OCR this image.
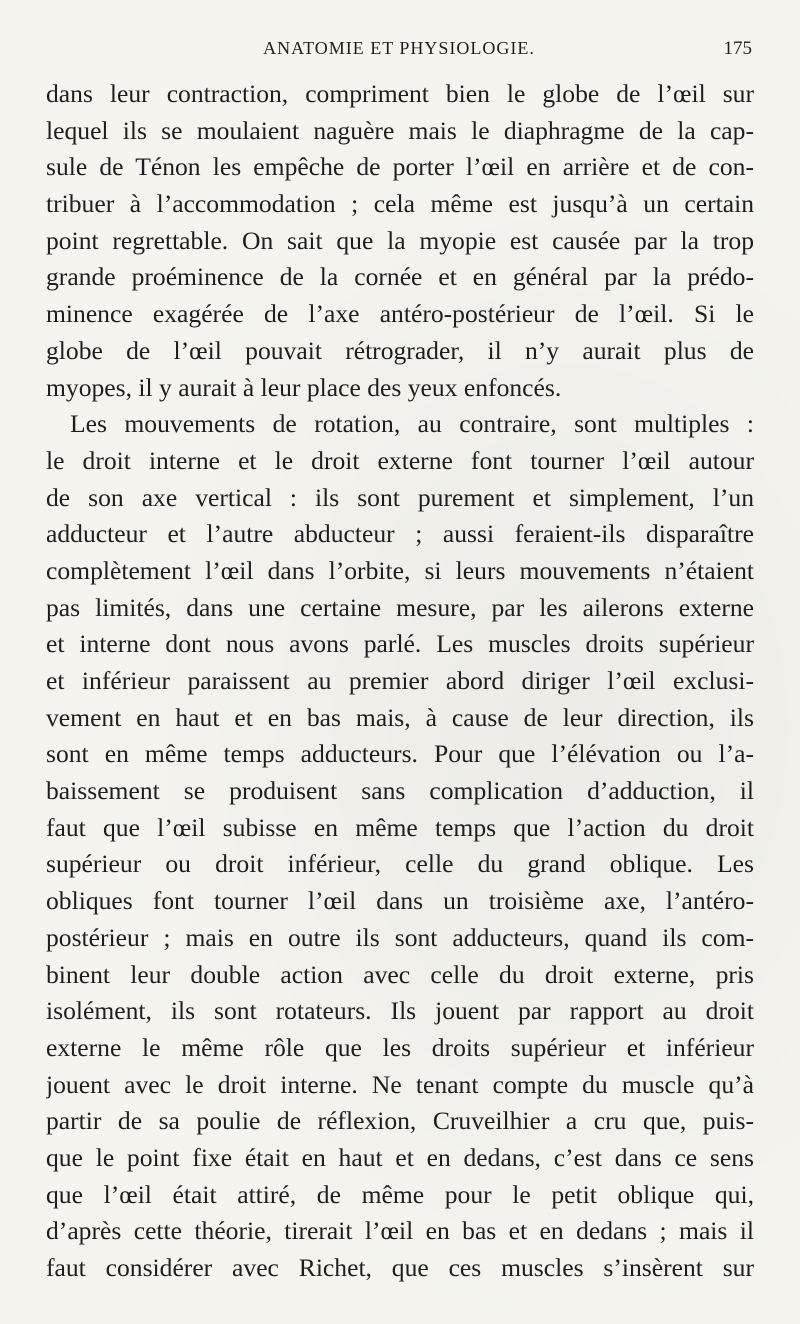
ANATOMIE ET PHYSIOLOGIE.	175
dans leur contraction, compriment bien le globe de l’œil sur
lequel ils se moulaient naguère mais le diaphragme de la cap-
sule de Ténon les empêche de porter l’œil en arrière et de con-
tribuer à l’accommodation ; cela même est jusqu’à un certain
point regrettable. On sait que la myopie est causée par la trop
grande proéminence de la cornée et en général par la prédo-
minence exagérée de l’axe antéro-postérieur de l’œil. Si le
globe de l’œil pouvait rétrograder, il n’y aurait plus de
myopes, il y aurait à leur place des yeux enfoncés.
Les mouvements de rotation, au contraire, sont multiples :
le droit interne et le droit externe font tourner l’œil autour
de son axe vertical : ils sont purement et simplement, l’un
adducteur et l’autre abducteur ; aussi feraient-ils disparaître
complètement l’œil dans l’orbite, si leurs mouvements n’étaient
pas limités, dans une certaine mesure, par les ailerons externe
et interne dont nous avons parlé. Les muscles droits supérieur
et inférieur paraissent au premier abord diriger l’œil exclusi-
vement en haut et en bas mais, à cause de leur direction, ils
sont en même temps adducteurs. Pour que l’élévation ou l’a-
baissement se produisent sans complication d’adduction, il
faut que l’œil subisse en même temps que l’action du droit
supérieur ou droit inférieur, celle du grand oblique. Les
obliques font tourner l’œil dans un troisième axe, l’antéro-
postérieur ; mais en outre ils sont adducteurs, quand ils com-
binent leur double action avec celle du droit externe, pris
isolément, ils sont rotateurs. Ils jouent par rapport au droit
externe le même rôle que les droits supérieur et inférieur
jouent avec le droit interne. Ne tenant compte du muscle qu’à
partir de sa poulie de réflexion, Cruveilhier a cru que, puis-
que le point fixe était en haut et en dedans, c’est dans ce sens
que l’œil était attiré, de même pour le petit oblique qui,
d’après cette théorie, tirerait l’œil en bas et en dedans ; mais il
faut considérer avec Richet, que ces muscles s’insèrent sur
